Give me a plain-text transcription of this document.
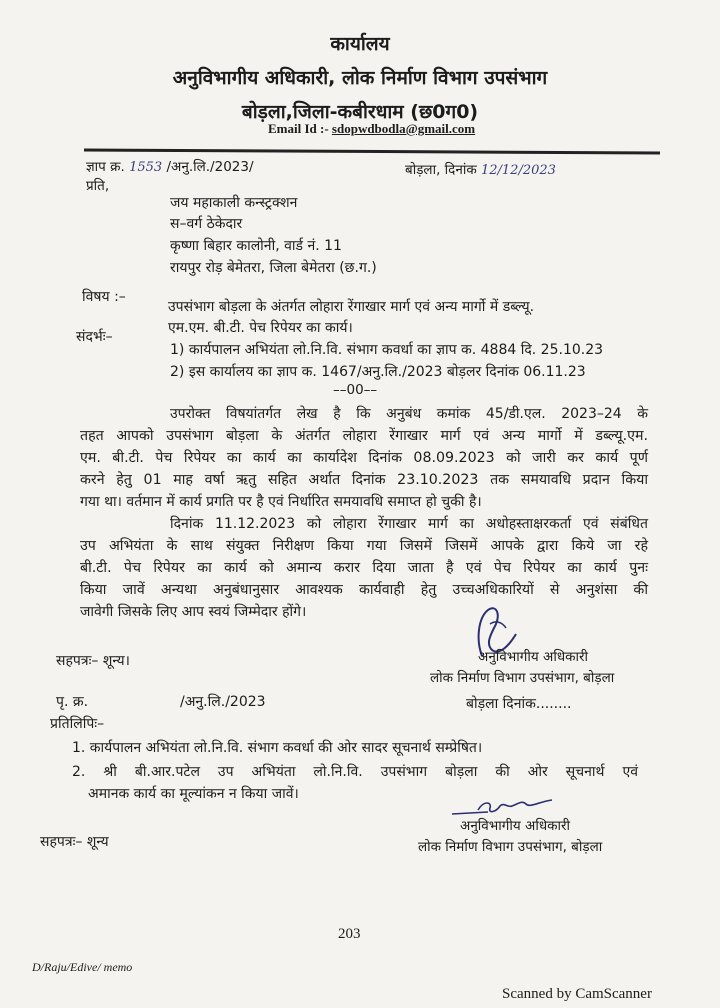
कार्यालय
अनुविभागीय अधिकारी, लोक निर्माण विभाग उपसंभाग
बोड़ला,जिला-कबीरधाम (छ0ग0)
Email Id :- sdopwdbodla@gmail.com
ज्ञाप क्र. 1553 /अनु.लि./2023/	बोड़ला, दिनांक 12/12/2023
प्रति,
जय महाकाली कन्स्ट्रक्शन
स–वर्ग ठेकेदार
कृष्णा बिहार कालोनी, वार्ड नं. 11
रायपुर रोड़ बेमेतरा, जिला बेमेतरा (छ.ग.)
विषय :–
उपसंभाग बोड़ला के अंतर्गत लोहारा रेंगाखार मार्ग एवं अन्य मार्गो में डब्ल्यू.
एम.एम. बी.टी. पेच रिपेयर का कार्य।
संदर्भः–
1) कार्यपालन अभियंता लो.नि.वि. संभाग कवर्धा का ज्ञाप क. 4884 दि. 25.10.23
2) इस कार्यालय का ज्ञाप क. 1467/अनु.लि./2023 बोड़लर दिनांक 06.11.23
––00––
उपरोक्त विषयांतर्गत लेख है कि अनुबंध कमांक 45/डी.एल. 2023–24 के
तहत आपको उपसंभाग बोड़ला के अंतर्गत लोहारा रेंगाखार मार्ग एवं अन्य मार्गो में डब्ल्यू.एम.
एम. बी.टी. पेच रिपेयर का कार्य का कार्यादेश दिनांक 08.09.2023 को जारी कर कार्य पूर्ण
करने हेतु 01 माह वर्षा ऋतु सहित अर्थात दिनांक 23.10.2023 तक समयावधि प्रदान किया
गया था। वर्तमान में कार्य प्रगति पर है एवं निर्धारित समयावधि समाप्त हो चुकी है।
दिनांक 11.12.2023 को लोहारा रेंगाखार मार्ग का अधोहस्ताक्षरकर्ता एवं संबंधित
उप अभियंता के साथ संयुक्त निरीक्षण किया गया जिसमें जिसमें आपके द्वारा किये जा रहे
बी.टी. पेच रिपेयर का कार्य को अमान्य करार दिया जाता है एवं पेच रिपेयर का कार्य पुनः
किया जावें अन्यथा अनुबंधानुसार आवश्यक कार्यवाही हेतु उच्चअधिकारियों से अनुशंसा की
जावेगी जिसके लिए आप स्वयं जिम्मेदार होंगे।
सहपत्रः– शून्य।	अनुविभागीय अधिकारी
लोक निर्माण विभाग उपसंभाग, बोड़ला
पृ. क्र.	/अनु.लि./2023	बोड़ला दिनांक........
प्रतिलिपिः–
1. कार्यपालन अभियंता लो.नि.वि. संभाग कवर्धा की ओर सादर सूचनार्थ सम्प्रेषित।
2. श्री बी.आर.पटेल उप अभियंता लो.नि.वि. उपसंभाग बोड़ला की ओर सूचनार्थ एवं
अमानक कार्य का मूल्यांकन न किया जावें।
अनुविभागीय अधिकारी
लोक निर्माण विभाग उपसंभाग, बोड़ला
सहपत्रः– शून्य
203
D/Raju/Edive/ memo
Scanned by CamScanner
